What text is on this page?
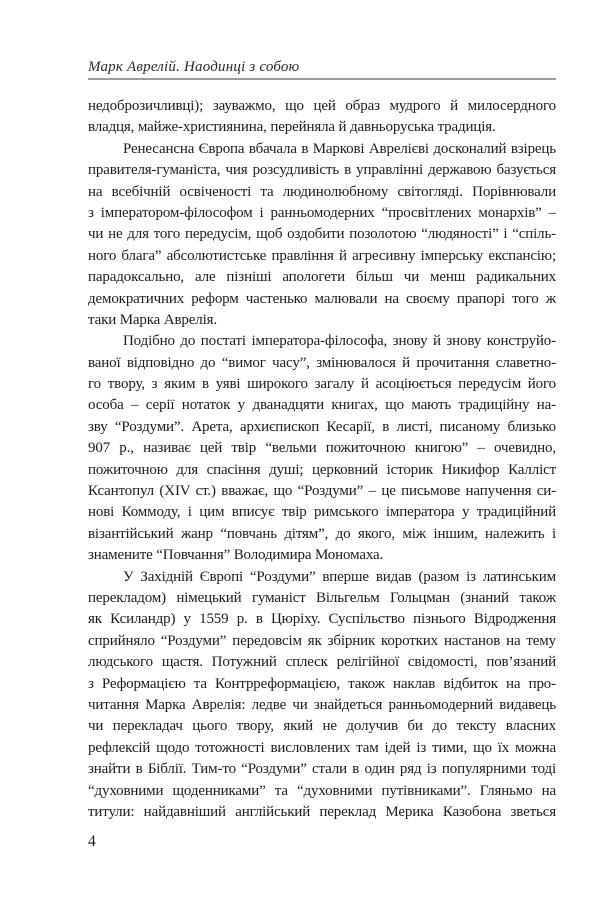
Марк Аврелій. Наодинці з собою
недоброзичливці); зауважмо, що цей образ мудрого й милосердного
владця, майже-християнина, перейняла й давньоруська традиція.
Ренесансна Європа вбачала в Маркові Аврелієві досконалий взірець
правителя-гуманіста, чия розсудливість в управлінні державою базується
на всебічній освіченості та людинолюбному світогляді. Порівнювали
з імператором-філософом і ранньомодерних “просвітлених монархів” –
чи не для того передусім, щоб оздобити позолотою “людяності” і “спіль-
ного блага” абсолютистське правління й агресивну імперську експансію;
парадоксально, але пізніші апологети більш чи менш радикальних
демократичних реформ частенько малювали на своєму прапорі того ж
таки Марка Аврелія.
Подібно до постаті імператора-філософа, знову й знову конструйо-
ваної відповідно до “вимог часу”, змінювалося й прочитання славетно-
го твору, з яким в уяві широкого загалу й асоціюється передусім його
особа – серії нотаток у дванадцяти книгах, що мають традиційну на-
зву “Роздуми”. Арета, архиєпископ Кесарії, в листі, писаному близько
907 р., називає цей твір “вельми пожиточною книгою” – очевидно,
пожиточною для спасіння душі; церковний історик Никифор Калліст
Ксантопул (XIV ст.) вважає, що “Роздуми” – це письмове напучення си-
нові Коммоду, і цим вписує твір римського імператора у традиційний
візантійський жанр “повчань дітям”, до якого, між іншим, належить і
знамените “Повчання” Володимира Мономаха.
У Західній Європі “Роздуми” вперше видав (разом із латинським
перекладом) німецький гуманіст Вільгельм Гольцман (знаний також
як Ксиландр) у 1559 р. в Цюріху. Суспільство пізнього Відродження
сприйняло “Роздуми” передовсім як збірник коротких настанов на тему
людського щастя. Потужний сплеск релігійної свідомості, пов’язаний
з Реформацією та Контрреформацією, також наклав відбиток на про-
читання Марка Аврелія: ледве чи знайдеться ранньомодерний видавець
чи перекладач цього твору, який не долучив би до тексту власних
рефлексій щодо тотожності висловлених там ідей із тими, що їх можна
знайти в Біблії. Тим-то “Роздуми” стали в один ряд із популярними тоді
“духовними щоденниками” та “духовними путівниками”. Гляньмо на
титули: найдавніший англійський переклад Мерика Казобона зветься
4
